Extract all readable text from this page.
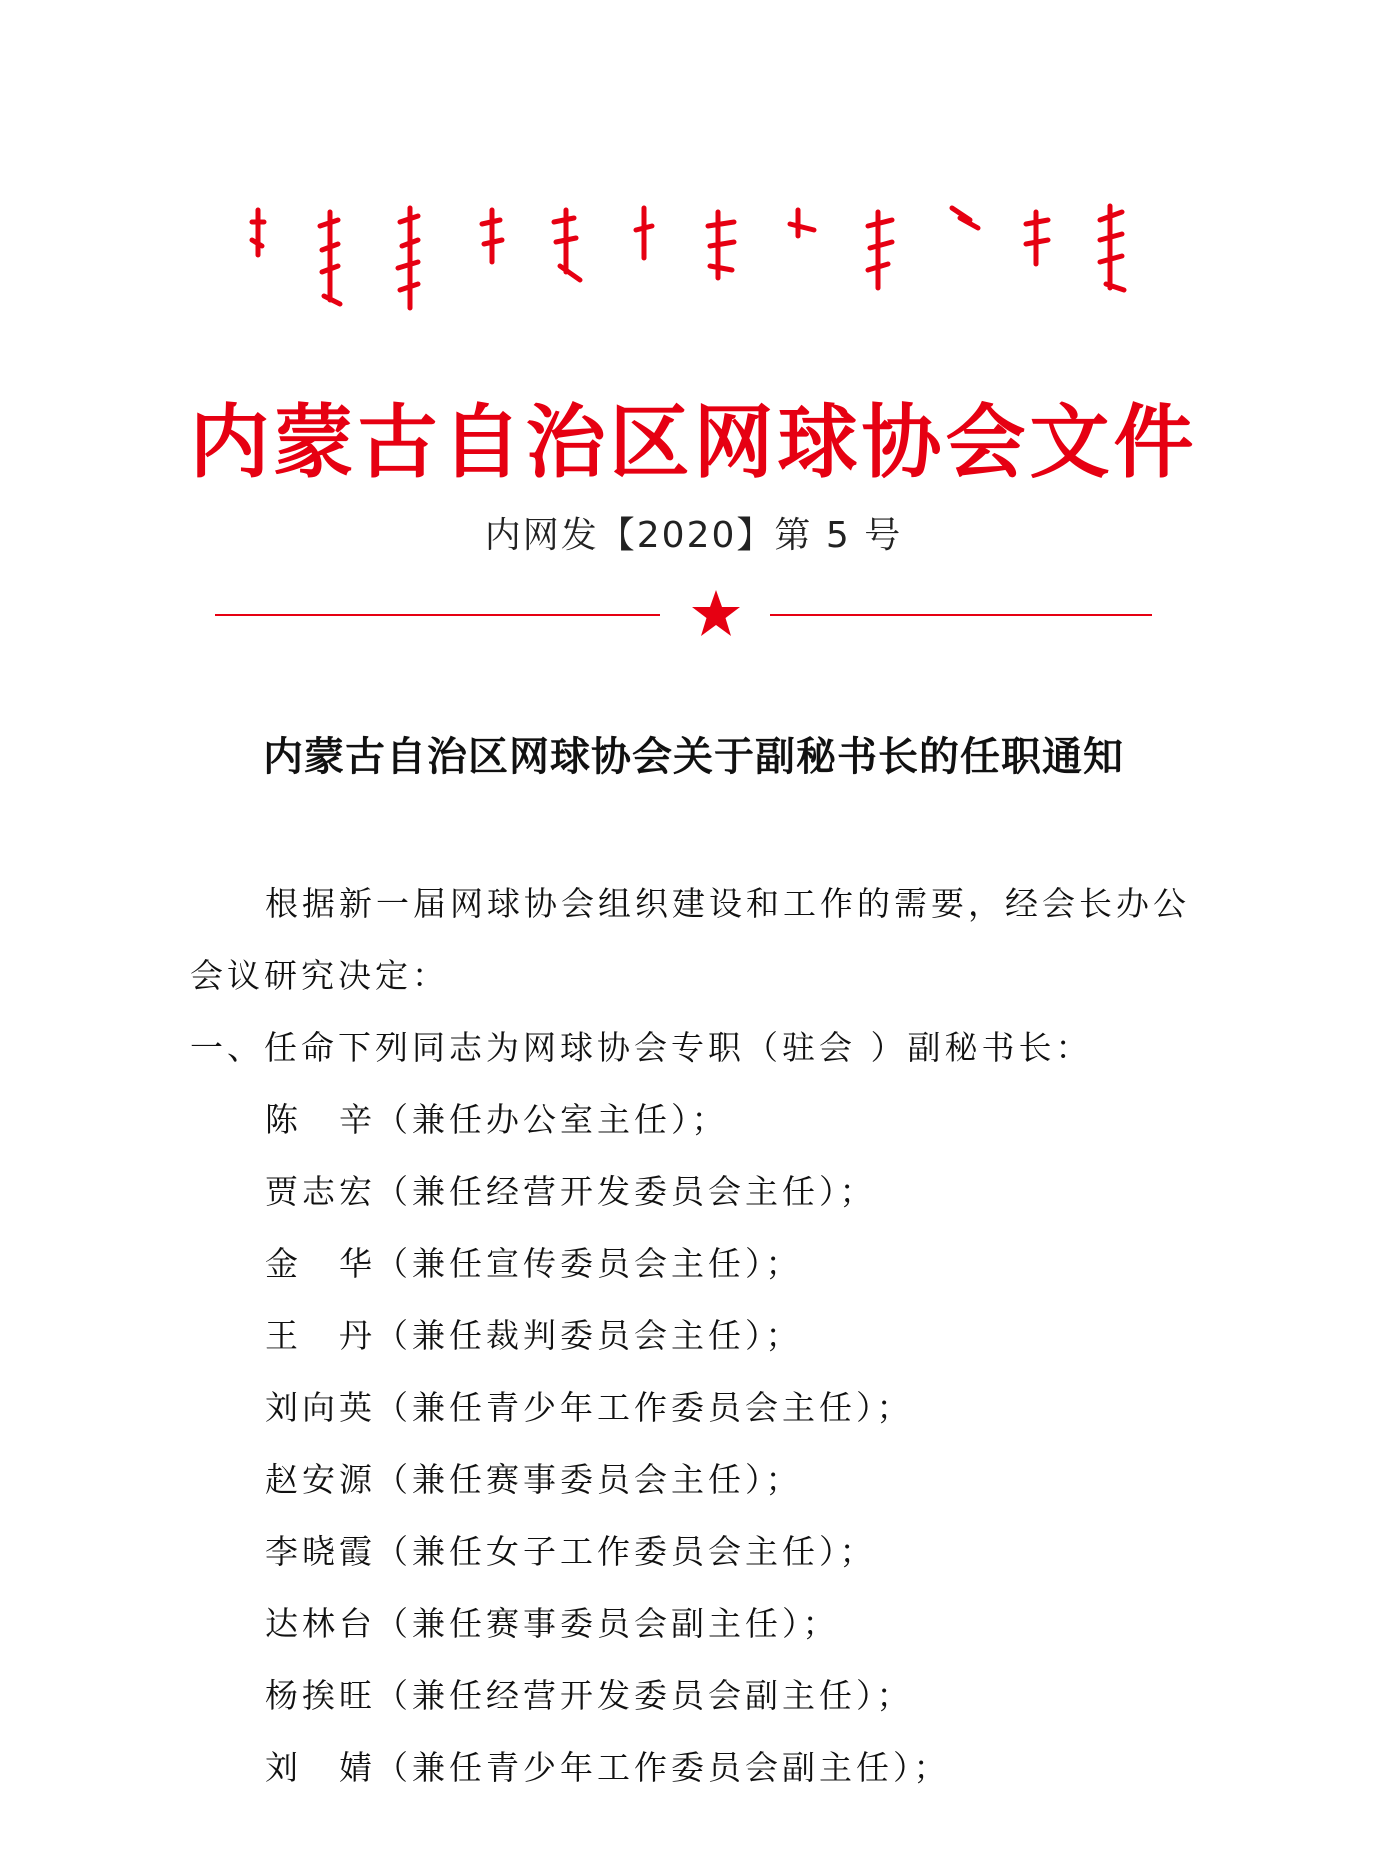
内蒙古自治区网球协会文件
内网发【2020】第 5 号
内蒙古自治区网球协会关于副秘书长的任职通知
根据新一届网球协会组织建设和工作的需要，经会长办公
会议研究决定：
一、任命下列同志为网球协会专职（驻会 ）副秘书长：
陈　辛（兼任办公室主任）；
贾志宏（兼任经营开发委员会主任）；
金　华（兼任宣传委员会主任）；
王　丹（兼任裁判委员会主任）；
刘向英（兼任青少年工作委员会主任）；
赵安源（兼任赛事委员会主任）；
李晓霞（兼任女子工作委员会主任）；
达林台（兼任赛事委员会副主任）；
杨挨旺（兼任经营开发委员会副主任）；
刘　婧（兼任青少年工作委员会副主任）；
